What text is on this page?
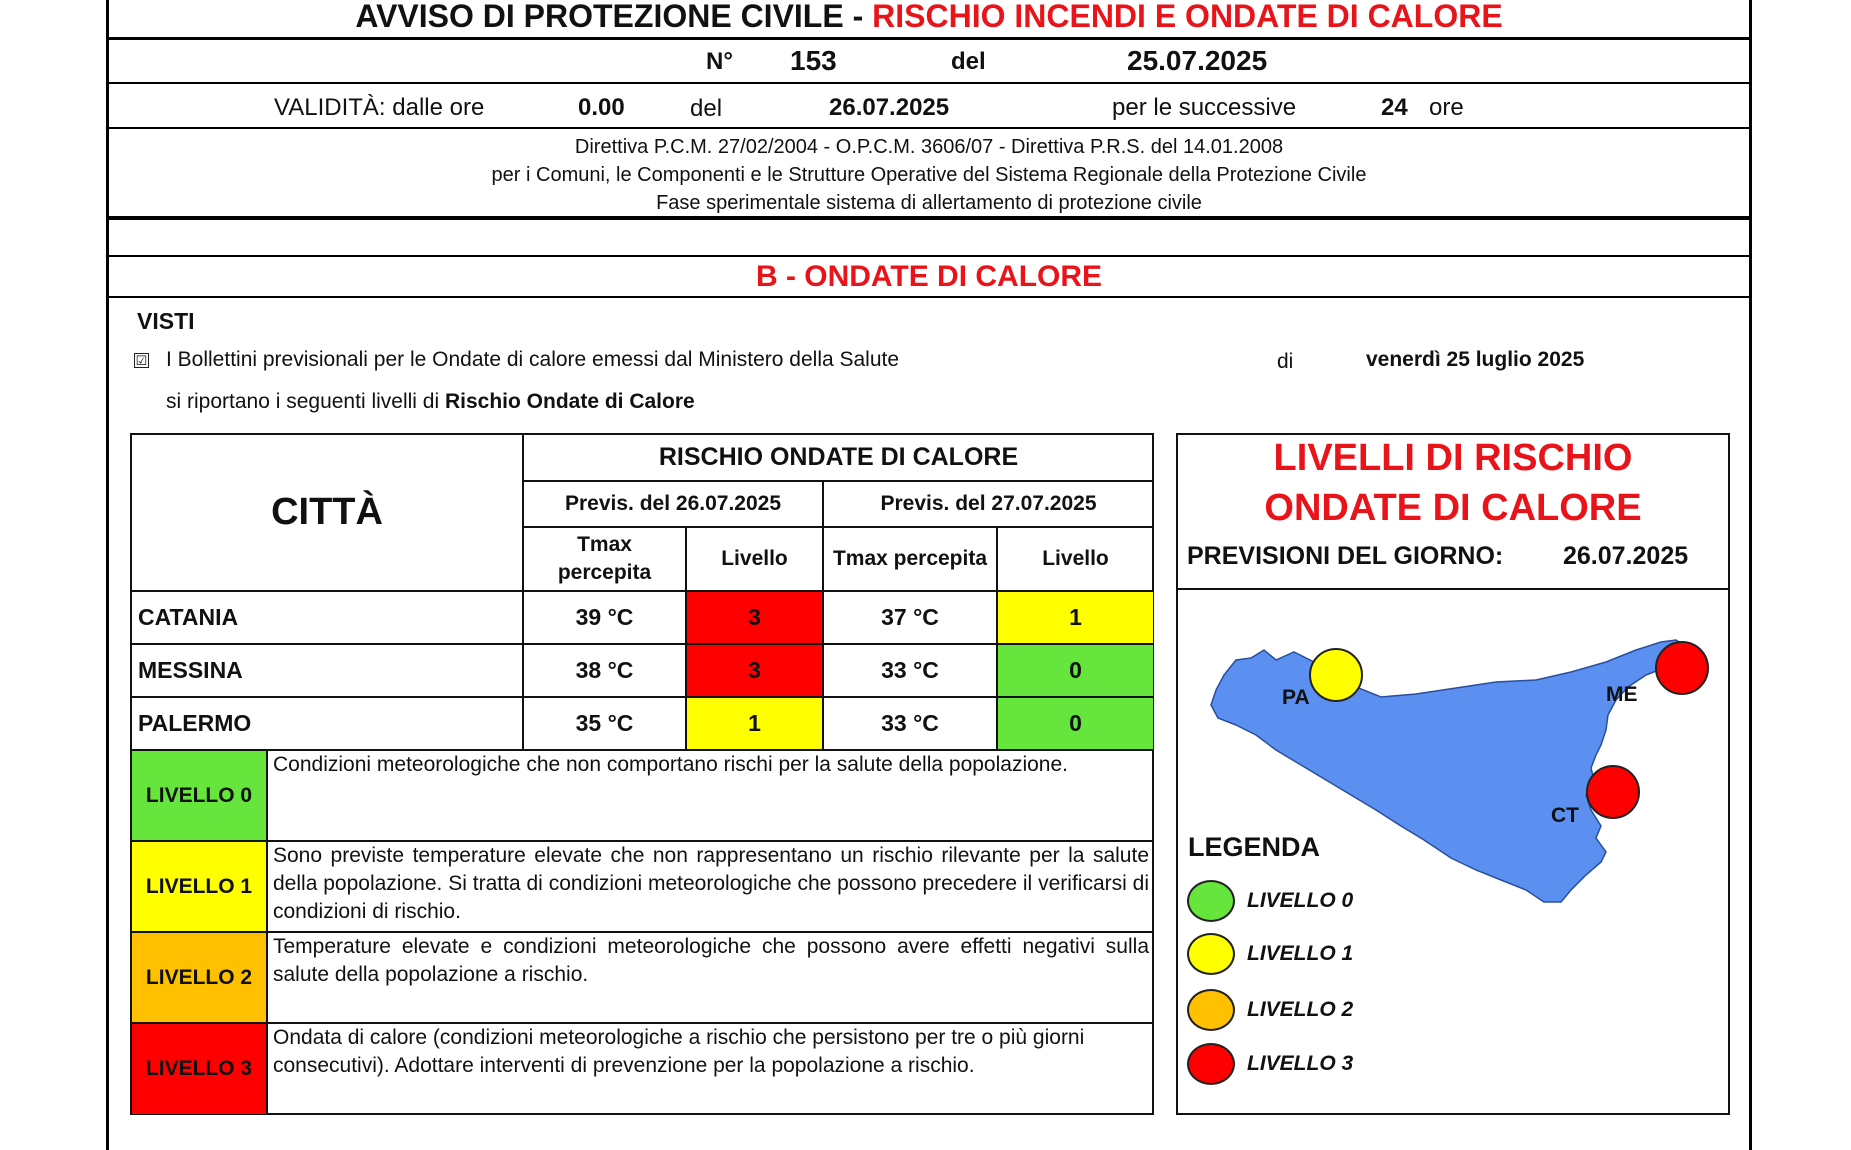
AVVISO DI PROTEZIONE CIVILE - RISCHIO INCENDI E ONDATE DI CALORE
N° 153	del	25.07.2025
VALIDITÀ: dalle ore	0.00	del	26.07.2025	per le successive	24 ore
Direttiva P.C.M. 27/02/2004 - O.P.C.M. 3606/07 - Direttiva P.R.S. del 14.01.2008
per i Comuni, le Componenti e le Strutture Operative del Sistema Regionale della Protezione Civile
Fase sperimentale sistema di allertamento di protezione civile
B - ONDATE DI CALORE
VISTI
☑ I Bollettini previsionali per le Ondate di calore emessi dal Ministero della Salute	di	venerdì 25 luglio 2025
si riportano i seguenti livelli di Rischio Ondate di Calore
CITTÀ
RISCHIO ONDATE DI CALORE
Previs. del 26.07.2025	Previs. del 27.07.2025
Tmax
percepita
Livello	Tmax percepita	Livello
CATANIA	39 °C	3	37 °C	1
MESSINA	38 °C	3	33 °C	0
PALERMO	35 °C	1	33 °C	0
LIVELLO 0
Condizioni meteorologiche che non comportano rischi per la salute della popolazione.
LIVELLO 1
Sono previste temperature elevate che non rappresentano un rischio rilevante per la salute della popolazione. Si tratta di condizioni meteorologiche che possono precedere il verificarsi di condizioni di rischio.
LIVELLO 2
Temperature elevate e condizioni meteorologiche che possono avere effetti negativi sulla salute della popolazione a rischio.
LIVELLO 3
Ondata di calore (condizioni meteorologiche a rischio che persistono per tre o più giorni consecutivi). Adottare interventi di prevenzione per la popolazione a rischio.
LIVELLI DI RISCHIO
ONDATE DI CALORE
PREVISIONI DEL GIORNO: 26.07.2025
PA	ME
CT
LEGENDA
LIVELLO 0
LIVELLO 1
LIVELLO 2
LIVELLO 3
